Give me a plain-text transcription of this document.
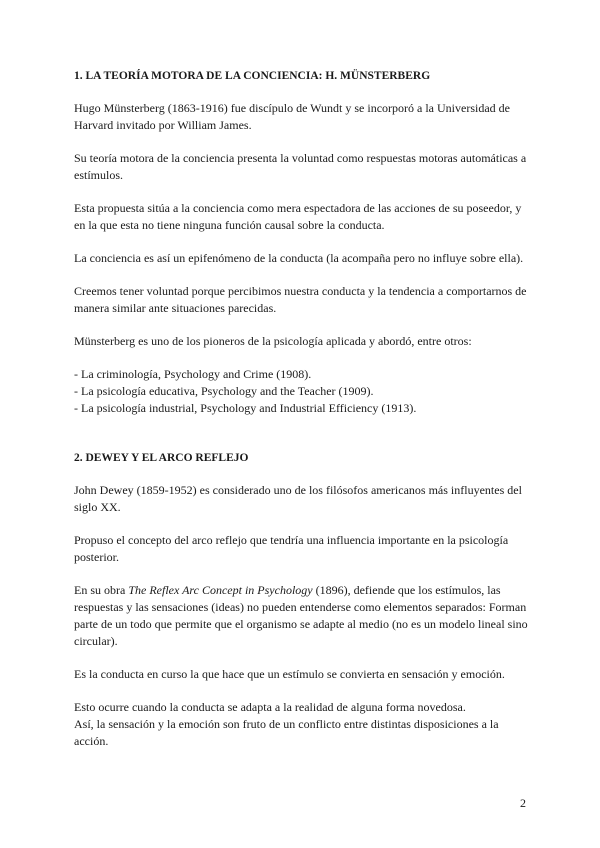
1. LA TEORÍA MOTORA DE LA CONCIENCIA: H. MÜNSTERBERG

Hugo Münsterberg (1863-1916) fue discípulo de Wundt y se incorporó a la Universidad de Harvard invitado por William James.

Su teoría motora de la conciencia presenta la voluntad como respuestas motoras automáticas a estímulos.

Esta propuesta sitúa a la conciencia como mera espectadora de las acciones de su poseedor, y en la que esta no tiene ninguna función causal sobre la conducta.

La conciencia es así un epifenómeno de la conducta (la acompaña pero no influye sobre ella).

Creemos tener voluntad porque percibimos nuestra conducta y la tendencia a comportarnos de manera similar ante situaciones parecidas.

Münsterberg es uno de los pioneros de la psicología aplicada y abordó, entre otros:

- La criminología, Psychology and Crime (1908).

- La psicología educativa, Psychology and the Teacher (1909).

- La psicología industrial, Psychology and Industrial Efficiency (1913).

2. DEWEY Y EL ARCO REFLEJO

John Dewey (1859-1952) es considerado uno de los filósofos americanos más influyentes del siglo XX.

Propuso el concepto del arco reflejo que tendría una influencia importante en la psicología posterior.

En su obra The Reflex Arc Concept in Psychology (1896), defiende que los estímulos, las respuestas y las sensaciones (ideas) no pueden entenderse como elementos separados: Forman parte de un todo que permite que el organismo se adapte al medio (no es un modelo lineal sino circular).

Es la conducta en curso la que hace que un estímulo se convierta en sensación y emoción.

Esto ocurre cuando la conducta se adapta a la realidad de alguna forma novedosa.

Así, la sensación y la emoción son fruto de un conflicto entre distintas disposiciones a la acción.

2
